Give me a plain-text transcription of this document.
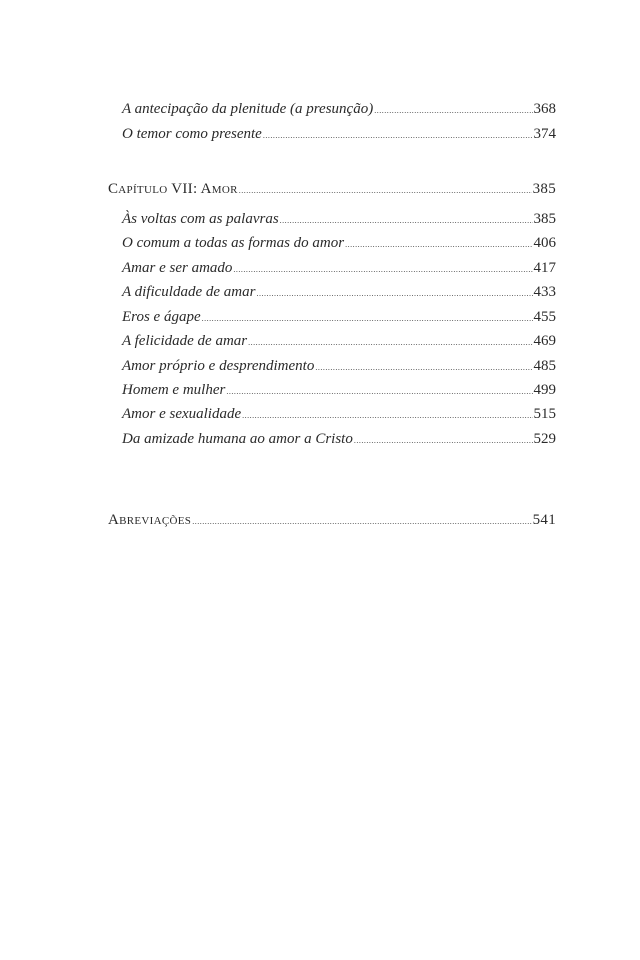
A antecipação da plenitude (a presunção) .....	368
O temor como presente .....	374
Capítulo VII: Amor .....	385
Às voltas com as palavras .....	385
O comum a todas as formas do amor .....	406
Amar e ser amado .....	417
A dificuldade de amar .....	433
Eros e ágape .....	455
A felicidade de amar .....	469
Amor próprio e desprendimento .....	485
Homem e mulher .....	499
Amor e sexualidade .....	515
Da amizade humana ao amor a Cristo .....	529
Abreviações .....	541
